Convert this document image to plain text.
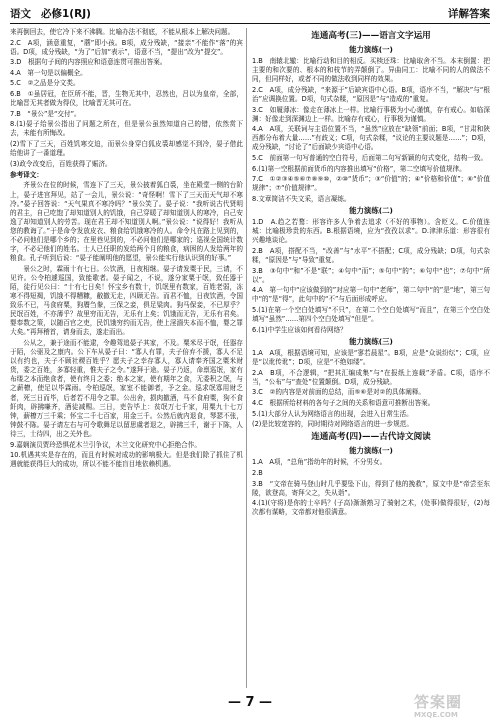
语文 必修1(RJ)	详解答案

来再倒回去，使它冷下来不沸腾。比喻办法不彻底，不能从根本上解决问题。

2.C　A项，涵意重复，“蘑”即小孩。B项，成分残缺，“接亲”不能作“落”的宾语。D项，成分残缺，“为了”后加“表示”，语意不当，“提出”改为“提交”。

3.D　根据句子间的内容照应和语意连贯可推出答案。

4.A　第一句是以偏概全。

5.C　②之品是分文类。

6.B　①虽居冠，在臣所不能，晋，生物无其中，忍然也，吕以为皇帝，全部，比喻晋无其者做为得仪，比喻晋无其可在。

7.B　“景公”是“交付”。

8.(1)晏子给景公指出了问题之所在，但是景公虽然知道自己的错，依然赏下去，未能有所悔改。

(2)雪下了三天，百姓饥寒交迫，而景公身穿白狐皮裘却感觉不到冷，晏子借此给他讲了一番道理。

(3)政令改变后，百姓获得了赈济。

参考译文：

齐景公在位的时候，雪连下了三天，景公披着狐白裘，坐在殿堂一侧的台阶上，晏子进宫拜见，站了一会儿，景公说：“奇怪啊！雪下了三天而天气却不寒冷。”晏子回答说：“天气果真不寒冷吗？”景公笑了。晏子说：“我听说古代贤明的君主，自己吃饱了却知道别人的饥饿，自己穿暖了却知道别人的寒冷，自己安逸了却知道别人的劳苦。现在君王却不知道别人啊。”景公说：“说得好！我听从您的教诲了。”于是命令发放皮衣、粮食给饥饿寒冷的人。命令凡在路上见到的，不必问他们是哪个乡的；在里巷见到的，不必问他们是哪家的；巡视全国统计数字，不必记他们的姓名。士人已任职的发给两个月的粮食，病困的人发给两年的粮食。孔子听到后说：“晏子能阐明他的愿望，景公能实行他认识到的好事。”

景公之时，霖雨十有七日。公饮酒，日夜相继。晏子请发粟于民，三请，不见许。公令柏遽巡国，致能歌者。晏子闻之，不说，遂分家粟于氓，致任器于陌，徒行见公曰：“十有七日矣！怀宝乡有数十，饥氓里有数家，百姓老弱，冻寒不得短褐，饥饿不得糟糠，敝撤无走，四顾无告。而君不恤，日夜饮酒，令国致乐不已，马食府粟，狗餍刍豢，三保之妾，俱足粱肉。狗马保妾，不已厚乎？民氓百姓，不亦薄乎？故里穷而无告，无乐有上矣；饥饿而无告，无乐有君矣。婴奉数之策，以随百官之吏，民饥饿穷约而无告，使上淫湎失本而不恤，婴之罪大矣。”再拜稽首，请身而去，遂走而出。

公从之，兼于途而不能逮，令趣驾追晏子其家，不及。粟米尽于氓，任器存于陌，公驱及之康内。公下车从晏子曰：“寡人有罪，夫子倍弃不援，寡人不足以有约也，夫子不顾社稷百姓乎？愿夫子之幸存寡人，寡人请奉齐国之粟米财货，委之百姓，多寡轻重，惟夫子之令。”遂拜于途。晏子乃返，命禀巡氓，家有布缕之本而绝食者，使有终月之委；绝本之家，使有期年之食，无委积之氓，与之薪橑，使足以毕霖雨。令柏巡氓，家室不能御者，予之金。巡求氓寡用财乏者，死三日而毕，后者若不用令之罪。公出舍，损肉撤酒，马不食府粟，狗不食飦肉，辟拂嗛齐，酒徒减赐。三日，吏告毕上：贫氓万七千家，用粟九十七万钟，薪橑万三千乘；怀宝二千七百家，用金三千。公然后就内退食，琴瑟不张，钟鼓不陈。晏子请左右与可令歌舞足以留思虞者退之，辟拂三千，谢于下陈，人待三，士待四，出之关外也。

9.嘉娴演员贾玲恐惧花木兰引争议，木兰文化研究中心拒绝合作。

10.机遇其实是存在的，而且有时候对成功的影响极大。但是我们除了抓住了机遇就能获得巨大的成功，所以不能不能盲目地依赖机遇。

连通高考(三)——语言文字运用
能力演练(一)

1.B　南辕北辙：比喻行动和目的相反。买椟还珠：比喻取舍不当。本末倒置：把主要的和次要的、根本的和枝节的弄颠倒了。异曲同工：比喻不同的人的做法不同，但同样好，或者不同的做法收到同样的效果。

2.C　A项，成分残缺，“来源于”后缺宾语中心语。B项，语序不当，“解决”与“根治”应调换位置。D项，句式杂糅，“原因是”与“造成的”重复。

3.C　如履薄冰：像走在薄冰上一样。比喻行事极为小心谨慎，存有戒心。如临深渊：好像走到深渊边上一样。比喻存有戒心，行事极为谨慎。

4.A　A项，关联词与主语位置不当，“虽然”应放在“缺领”前面；B项，“甘肃和陕西都分布着大量……”有歧义；C项，句式杂糅，“议论的主要议题是……”；D项，成分残缺，“讨论了”后面缺少宾语中心语。

5.C　前面第一句写普通的空白符号，后面第二句写新颖的句式变化，结构一致。

6.(1)第一空根据前面货币的内容推出填写“价格”，第二空填写价值规律。

7.C　①②③④⑤⑥⑦⑧⑨⑩，②⑩“货币”；③“价值”的；④“价格和价值”；⑥“价值规律”；⑦“价值规律”。

8.文章简洁不失文采，语言凝练。

能力演练(二)

1.D　A.趋之若鹜：形容许多人争着去追求（不好的事物）。含贬义。C.价值连城：比喻极珍贵的东西。B.根据语境，应为“孜孜以求”。D.津津乐道：形容很有兴趣地谈论。

2.B　A项，搭配不当，“改善”与“水平”不搭配；C项，成分残缺；D项，句式杂糅，“原因是”与“导致”重复。

3.B　③句中“和”不是“联”；④句中“而”；⑤句中“的”；⑥句中“也”；⑦句中“所以”。

4.A　第一句中“应该做到的”对应第一句中“老师”，第二句中“的”是“地”，第三句中“的”是“得”，此句中的“不”与后面形成呼应。

5.(1)在第一个空白处填写“不只”，在第二个空白处填写“而且”，在第三个空白处填写“虽然”……第四个空白处填写“但是”。

6.(1)中学生应该如何看待网络？

能力演练(三)

1.A　A项，根据语境可知，应该是“寥若晨星”。B项，应是“众说纷纭”；C项，应是“以讹传讹”；D项，应是“不绝如缕”。

2.A　B项，不合逻辑，“把其汇编成集”与“在报纸上连载”矛盾。C项，语序不当，“公布”与“查处”位置颠倒。D项，成分残缺。

3.C　②的内容是对前面的总结，而⑤⑥是对②的具体阐释。

4.C　根据所给材料的各句子之间的关系和语意可推断出答案。

5.(1)大部分人认为网络语言的出现，会进入日常生活。

(2)是比较宽容的，同时期待对网络语言的进一步规范。

连通高考(四)——古代诗文阅读
能力演练(一)

1.A　A项，“总角”指幼年的时候，不分男女。

2.B

3.B　“文帝在骑马登山时几乎要坠下山，得到了他的挽救”，原文中是“帝尝至东陵，欲登高，寄拜父之，失从诣”。

4.(1)(守将)是你的士卒吗？(子高)渐渐熟习了骑射之术，(处事)做得很好，(2)每次都有谋略，文帝都对他很满意。

— 7 —	答案圈
MXQE.COM
